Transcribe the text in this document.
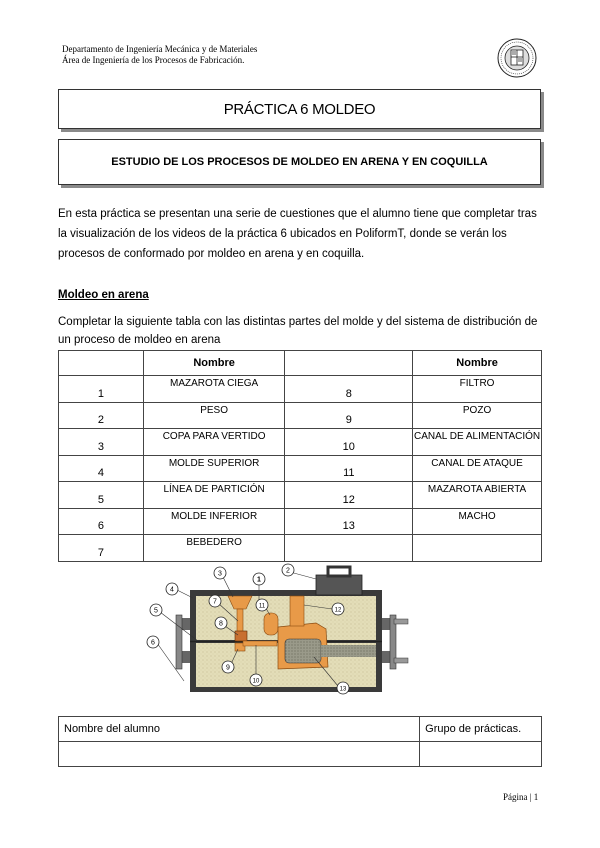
Departamento de Ingeniería Mecánica y de Materiales
Área de Ingeniería de los Procesos de Fabricación.
PRÁCTICA 6 MOLDEO
ESTUDIO DE LOS PROCESOS DE MOLDEO EN ARENA Y EN COQUILLA
En esta práctica se presentan una serie de cuestiones que el alumno tiene que completar tras la visualización de los videos de la práctica 6 ubicados en PoliformT, donde se verán los procesos de conformado por moldeo en arena y en coquilla.
Moldeo en arena
Completar la siguiente tabla con las distintas partes del molde y del sistema de distribución de un proceso de moldeo en arena
	Nombre		Nombre
1	MAZAROTA CIEGA	8	FILTRO
2	PESO	9	POZO
3	COPA PARA VERTIDO	10	CANAL DE ALIMENTACIÓN
4	MOLDE SUPERIOR	11	CANAL DE ATAQUE
5	LÍNEA DE PARTICIÓN	12	MAZAROTA ABIERTA
6	MOLDE INFERIOR	13	MACHO
7	BEBEDERO		
1
2
3
4
5
6
7
8
9
10
11
12
13
Nombre del alumno	Grupo de prácticas.

Página | 1
